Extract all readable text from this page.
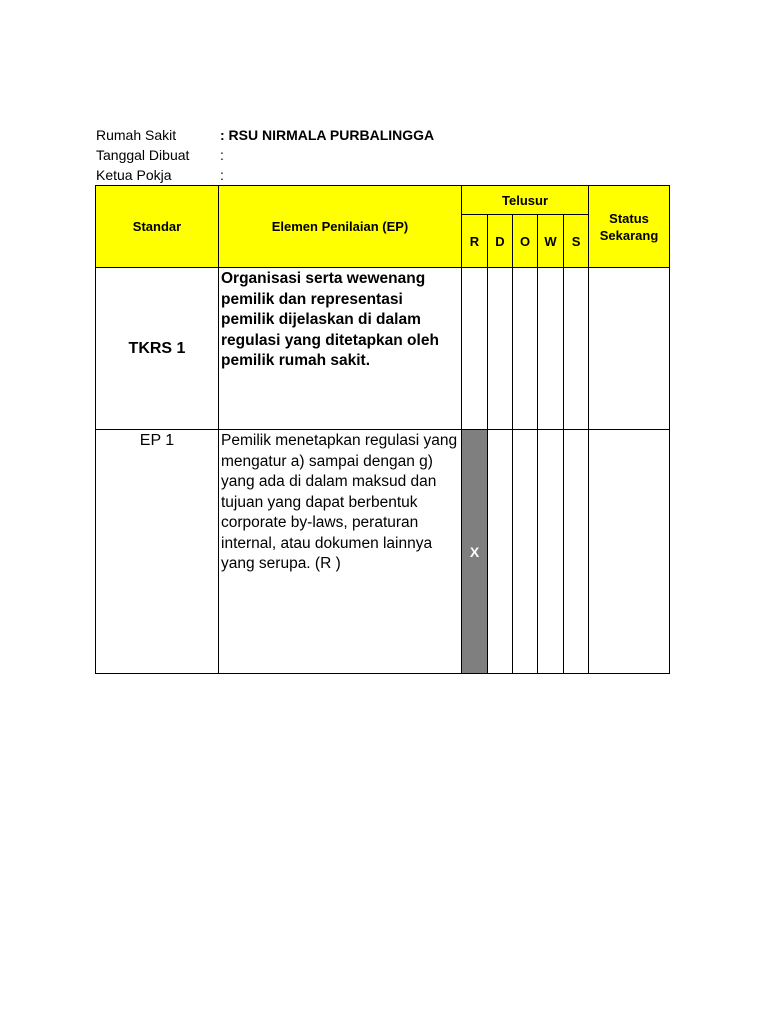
Rumah Sakit	: RSU NIRMALA PURBALINGGA
Tanggal Dibuat :
Ketua Pokja	:
Standar	Elemen Penilaian (EP)	Telusur					Status Sekarang
		R	D	O	W	S	
TKRS 1	Organisasi serta wewenang pemilik dan representasi pemilik dijelaskan di dalam regulasi yang ditetapkan oleh pemilik rumah sakit.						
EP 1	Pemilik menetapkan regulasi yang mengatur a) sampai dengan g) yang ada di dalam maksud dan tujuan yang dapat berbentuk corporate by-laws, peraturan internal, atau dokumen lainnya yang serupa. (R )	X					
